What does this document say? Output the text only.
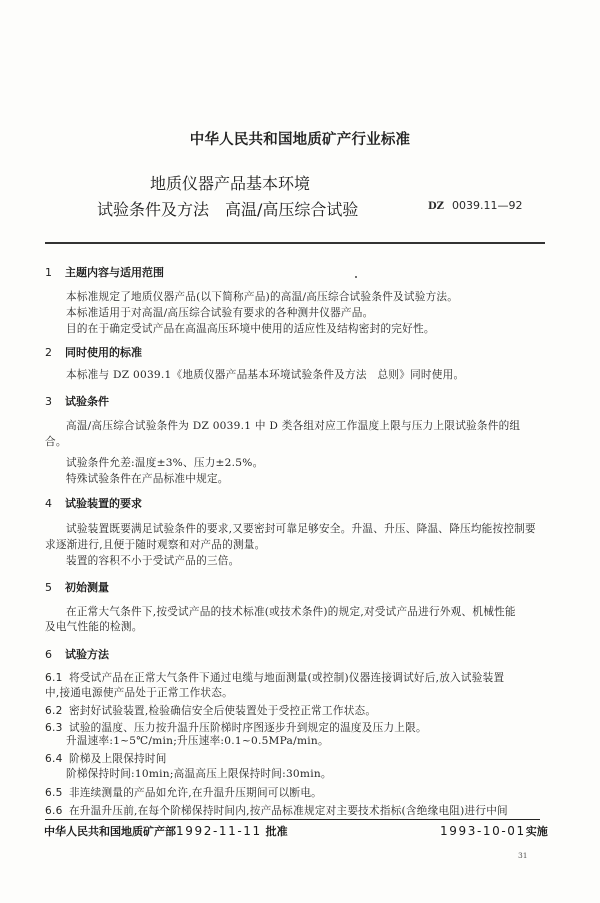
中华人民共和国地质矿产行业标准
地质仪器产品基本环境
试验条件及方法　高温/高压综合试验	DZ 0039.11—92
1 主题内容与适用范围
本标准规定了地质仪器产品(以下简称产品)的高温/高压综合试验条件及试验方法。
本标准适用于对高温/高压综合试验有要求的各种测井仪器产品。
目的在于确定受试产品在高温高压环境中使用的适应性及结构密封的完好性。
2 同时使用的标准
本标准与 DZ 0039.1《地质仪器产品基本环境试验条件及方法　总则》同时使用。
3 试验条件
高温/高压综合试验条件为 DZ 0039.1 中 D 类各组对应工作温度上限与压力上限试验条件的组
合。
试验条件允差:温度±3%、压力±2.5%。
特殊试验条件在产品标准中规定。
4 试验装置的要求
试验装置既要满足试验条件的要求,又要密封可靠足够安全。升温、升压、降温、降压均能按控制要
求逐渐进行,且便于随时观察和对产品的测量。
装置的容积不小于受试产品的三倍。
5 初始测量
在正常大气条件下,按受试产品的技术标准(或技术条件)的规定,对受试产品进行外观、机械性能
及电气性能的检测。
6 试验方法
6.1 将受试产品在正常大气条件下通过电缆与地面测量(或控制)仪器连接调试好后,放入试验装置
中,接通电源使产品处于正常工作状态。
6.2 密封好试验装置,检验确信安全后使装置处于受控正常工作状态。
6.3 试验的温度、压力按升温升压阶梯时序图逐步升到规定的温度及压力上限。
升温速率:1~5℃/min;升压速率:0.1~0.5MPa/min。
6.4 阶梯及上限保持时间
阶梯保持时间:10min;高温高压上限保持时间:30min。
6.5 非连续测量的产品如允许,在升温升压期间可以断电。
6.6 在升温升压前,在每个阶梯保持时间内,按产品标准规定对主要技术指标(含绝缘电阻)进行中间
中华人民共和国地质矿产部1992-11-11 批准	1993-10-01实施
31
